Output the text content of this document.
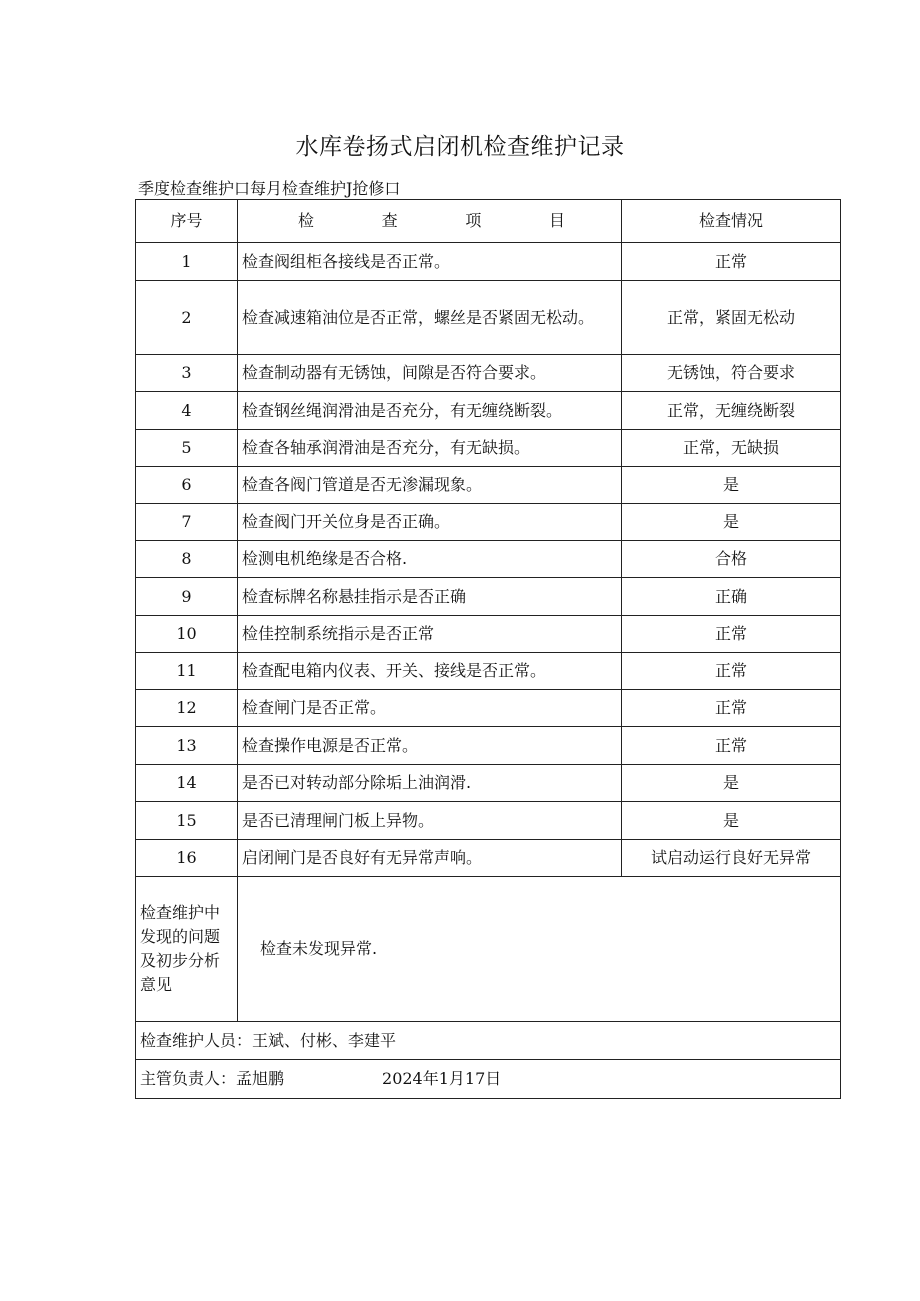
水库卷扬式启闭机检查维护记录
季度检查维护口每月检查维护J抢修口
序号	检 查 项 目	检查情况
1	检查阀组柜各接线是否正常。	正常
2	检查减速箱油位是否正常，螺丝是否紧固无松动。	正常，紧固无松动
3	检查制动器有无锈蚀，间隙是否符合要求。	无锈蚀，符合要求
4	检查钢丝绳润滑油是否充分，有无缠绕断裂。	正常，无缠绕断裂
5	检查各轴承润滑油是否充分，有无缺损。	正常，无缺损
6	检查各阀门管道是否无渗漏现象。	是
7	检查阀门开关位身是否正确。	是
8	检测电机绝缘是否合格.	合格
9	检査标牌名称悬挂指示是否正确	正确
10	检佳控制系统指示是否正常	正常
11	检查配电箱内仪表、开关、接线是否正常。	正常
12	检查闸门是否正常。	正常
13	检查操作电源是否正常。	正常
14	是否已对转动部分除垢上油润滑.	是
15	是否已清理闸门板上异物。	是
16	启闭闸门是否良好有无异常声响。	试启动运行良好无异常
检查维护中发现的问题及初步分析意见	检查未发现异常.	
检查维护人员：王斌、付彬、李建平		
主管负责人：孟旭鹏 2024年1月17日		
